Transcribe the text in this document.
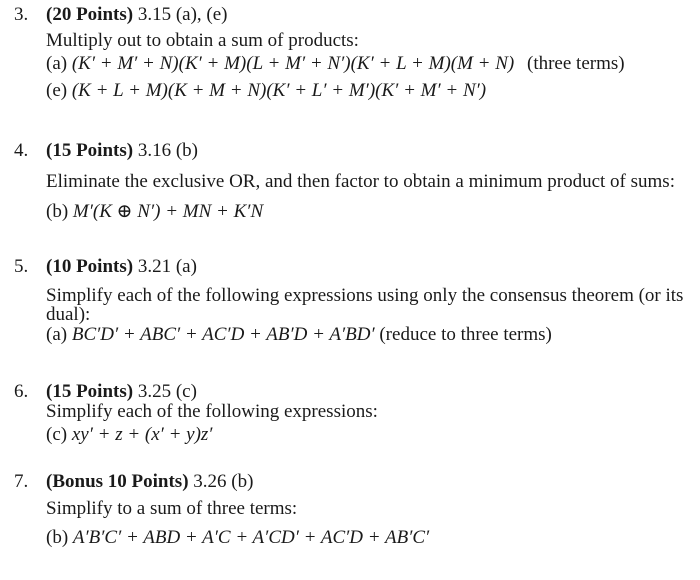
3. (20 Points) 3.15 (a), (e)
Multiply out to obtain a sum of products:
(a) (K′ + M′ + N)(K′ + M)(L + M′ + N′)(K′ + L + M)(M + N) (three terms)
(e) (K + L + M)(K + M + N)(K′ + L′ + M′)(K′ + M′ + N′)
4. (15 Points) 3.16 (b)
Eliminate the exclusive OR, and then factor to obtain a minimum product of sums:
(b) M′(K ⊕ N′) + MN + K′N
5. (10 Points) 3.21 (a)
Simplify each of the following expressions using only the consensus theorem (or its
dual):
(a) BC′D′ + ABC′ + AC′D + AB′D + A′BD′ (reduce to three terms)
6. (15 Points) 3.25 (c)
Simplify each of the following expressions:
(c) xy′ + z + (x′ + y)z′
7. (Bonus 10 Points) 3.26 (b)
Simplify to a sum of three terms:
(b) A′B′C′ + ABD + A′C + A′CD′ + AC′D + AB′C′
